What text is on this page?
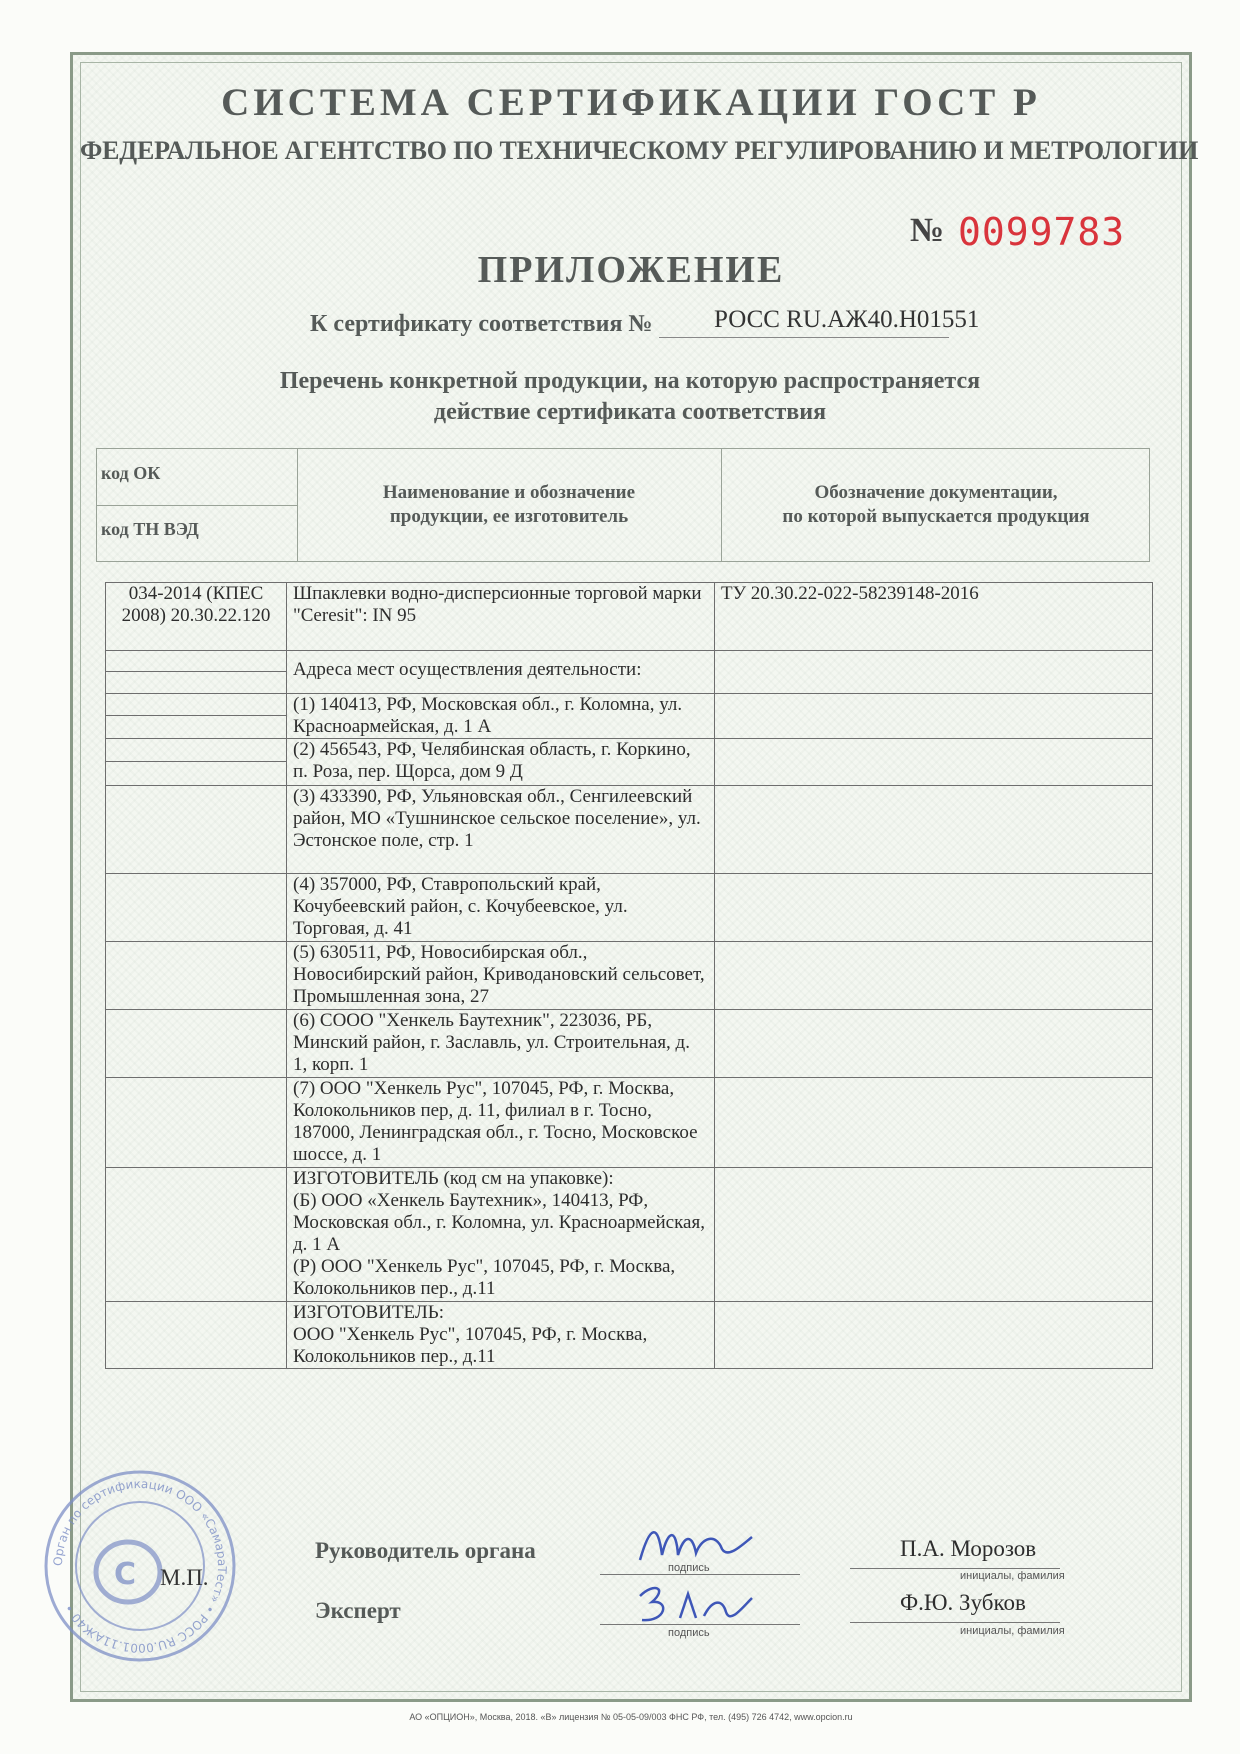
СИСТЕМА СЕРТИФИКАЦИИ ГОСТ Р
ФЕДЕРАЛЬНОЕ АГЕНТСТВО ПО ТЕХНИЧЕСКОМУ РЕГУЛИРОВАНИЮ И МЕТРОЛОГИИ
№ 0099783
ПРИЛОЖЕНИЕ
К сертификату соответствия №	РОСС RU.АЖ40.Н01551
Перечень конкретной продукции, на которую распространяется
действие сертификата соответствия
код ОК
код ТН ВЭД
Наименование и обозначение
продукции, ее изготовитель
Обозначение документации,
по которой выпускается продукция
034-2014 (КПЕС 2008) 20.30.22.120	Шпаклевки водно-дисперсионные торговой марки "Ceresit": IN 95	ТУ 20.30.22-022-58239148-2016

	Адреса мест осуществления деятельности:	

	(1) 140413, РФ, Московская обл., г. Коломна, ул. Красноармейская, д. 1 А	

	(2) 456543, РФ, Челябинская область, г. Коркино, п. Роза, пер. Щорса, дом 9 Д	
	(3) 433390, РФ, Ульяновская обл., Сенгилеевский район, МО «Тушнинское сельское поселение», ул. Эстонское поле, стр. 1	
	(4) 357000, РФ, Ставропольский край, Кочубеевский район, с. Кочубеевское, ул. Торговая, д. 41	
	(5) 630511, РФ, Новосибирская обл., Новосибирский район, Криводановский сельсовет, Промышленная зона, 27	
	(6) СООО "Хенкель Баутехник", 223036, РБ, Минский район, г. Заславль, ул. Строительная, д. 1, корп. 1	
	(7) ООО "Хенкель Рус", 107045, РФ, г. Москва, Колокольников пер, д. 11, филиал в г. Тосно, 187000, Ленинградская обл., г. Тосно, Московское шоссе, д. 1	

ИЗГОТОВИТЕЛЬ (код см на упаковке):
(Б) ООО «Хенкель Баутехник», 140413, РФ, Московская обл., г. Коломна, ул. Красноармейская, д. 1 А
(Р) ООО "Хенкель Рус", 107045, РФ, г. Москва, Колокольников пер., д.11

ИЗГОТОВИТЕЛЬ:
ООО "Хенкель Рус", 107045, РФ, г. Москва, Колокольников пер., д.11

Орган по сертификации ООО «СамараТест» • РОСС RU.0001.11АЖ40 •
С М.П.
Руководитель органа
подпись
П.А. Морозов
инициалы, фамилия
Эксперт
подпись
Ф.Ю. Зубков
инициалы, фамилия
АО «ОПЦИОН», Москва, 2018. «В» лицензия № 05-05-09/003 ФНС РФ, тел. (495) 726 4742, www.opcion.ru
